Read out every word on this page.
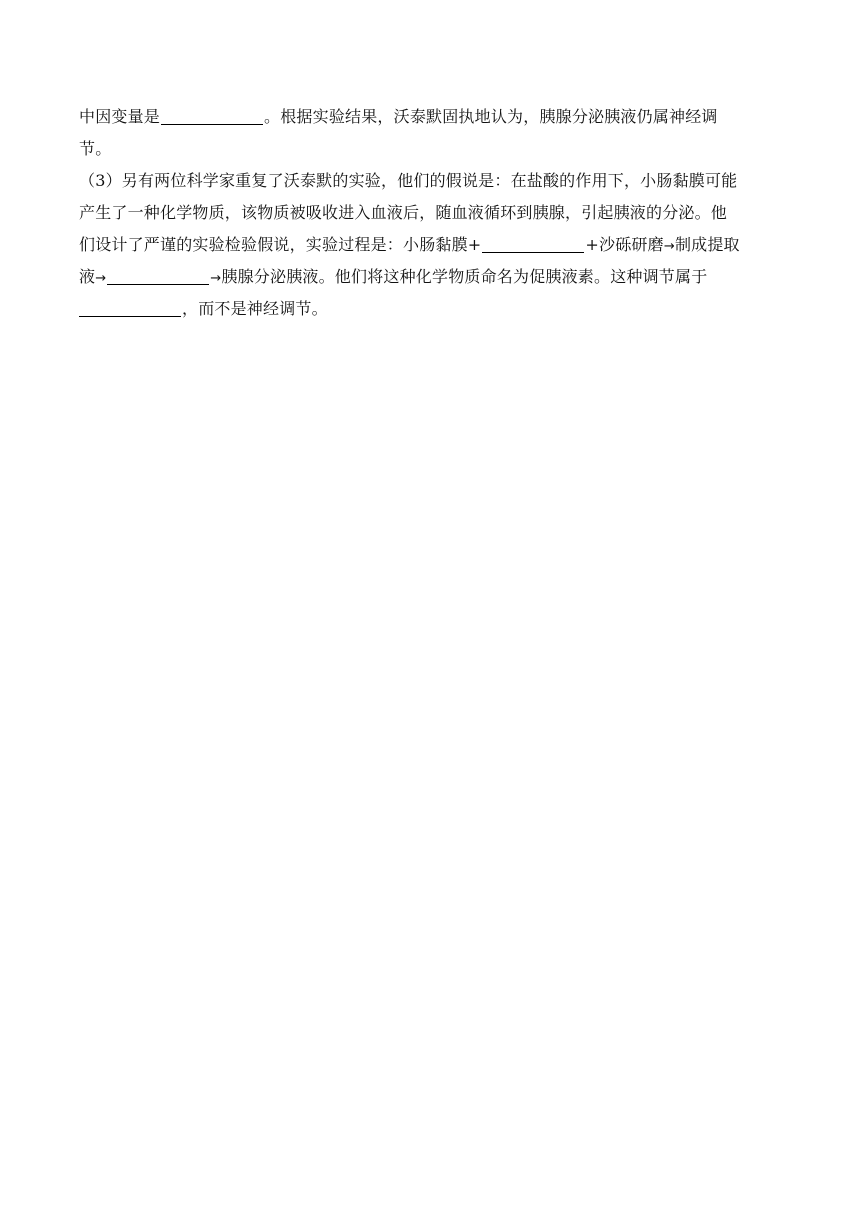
中因变量是	。根据实验结果，沃泰默固执地认为，胰腺分泌胰液仍属神经调
节。
（3）另有两位科学家重复了沃泰默的实验，他们的假说是：在盐酸的作用下，小肠黏膜可能
产生了一种化学物质，该物质被吸收进入血液后，随血液循环到胰腺，引起胰液的分泌。他
们设计了严谨的实验检验假说，实验过程是：小肠黏膜+	+沙砾研磨→制成提取
液→	→胰腺分泌胰液。他们将这种化学物质命名为促胰液素。这种调节属于
，而不是神经调节。
